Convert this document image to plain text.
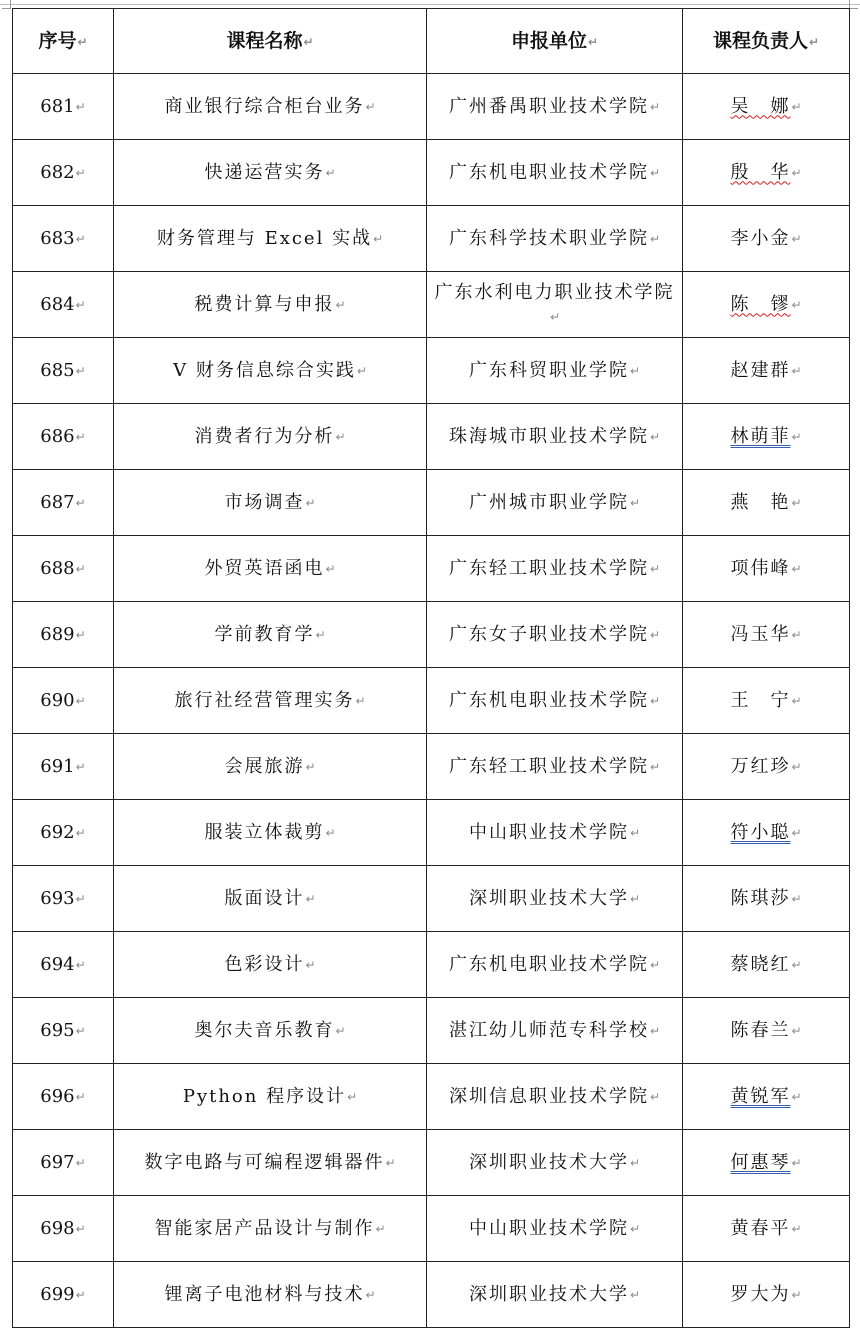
序号↵	课程名称↵	申报单位↵	课程负责人↵
681↵	商业银行综合柜台业务↵	广州番禺职业技术学院↵	吴　娜↵
682↵	快递运营实务↵	广东机电职业技术学院↵	殷　华↵
683↵	财务管理与 Excel 实战↵	广东科学技术职业学院↵	李小金↵
684↵	税费计算与申报↵	广东水利电力职业技术学院↵	陈　镠↵
685↵	V 财务信息综合实践↵	广东科贸职业学院↵	赵建群↵
686↵	消费者行为分析↵	珠海城市职业技术学院↵	林萌菲↵
687↵	市场调查↵	广州城市职业学院↵	燕　艳↵
688↵	外贸英语函电↵	广东轻工职业技术学院↵	项伟峰↵
689↵	学前教育学↵	广东女子职业技术学院↵	冯玉华↵
690↵	旅行社经营管理实务↵	广东机电职业技术学院↵	王　宁↵
691↵	会展旅游↵	广东轻工职业技术学院↵	万红珍↵
692↵	服装立体裁剪↵	中山职业技术学院↵	符小聪↵
693↵	版面设计↵	深圳职业技术大学↵	陈琪莎↵
694↵	色彩设计↵	广东机电职业技术学院↵	蔡晓红↵
695↵	奥尔夫音乐教育↵	湛江幼儿师范专科学校↵	陈春兰↵
696↵	Python 程序设计↵	深圳信息职业技术学院↵	黄锐军↵
697↵	数字电路与可编程逻辑器件↵	深圳职业技术大学↵	何惠琴↵
698↵	智能家居产品设计与制作↵	中山职业技术学院↵	黄春平↵
699↵	锂离子电池材料与技术↵	深圳职业技术大学↵	罗大为↵
